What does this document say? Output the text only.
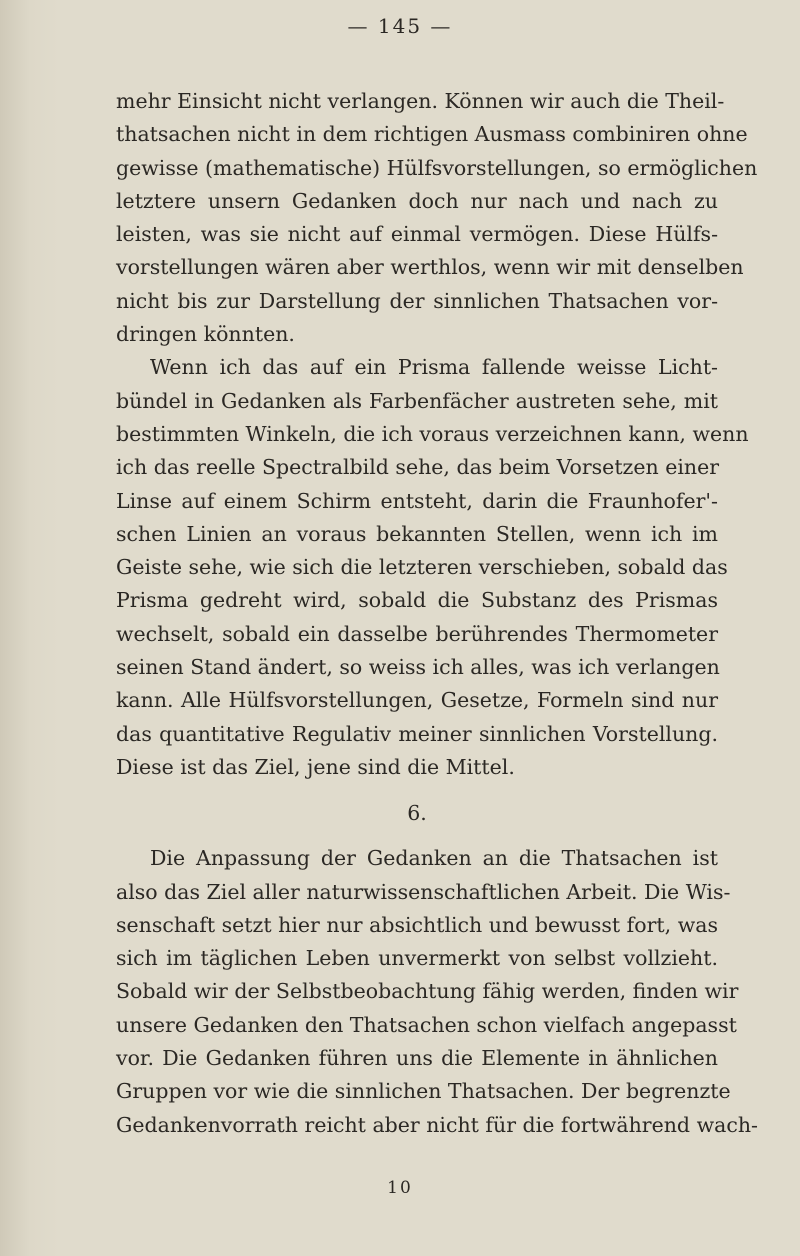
— 145 —
mehr Einsicht nicht verlangen. Können wir auch die Theil-
thatsachen nicht in dem richtigen Ausmass combiniren ohne
gewisse (mathematische) Hülfsvorstellungen, so ermöglichen
letztere unsern Gedanken doch nur nach und nach zu
leisten, was sie nicht auf einmal vermögen. Diese Hülfs-
vorstellungen wären aber werthlos, wenn wir mit denselben
nicht bis zur Darstellung der sinnlichen Thatsachen vor-
dringen könnten.
Wenn ich das auf ein Prisma fallende weisse Licht-
bündel in Gedanken als Farbenfächer austreten sehe, mit
bestimmten Winkeln, die ich voraus verzeichnen kann, wenn
ich das reelle Spectralbild sehe, das beim Vorsetzen einer
Linse auf einem Schirm entsteht, darin die Fraunhofer'-
schen Linien an voraus bekannten Stellen, wenn ich im
Geiste sehe, wie sich die letzteren verschieben, sobald das
Prisma gedreht wird, sobald die Substanz des Prismas
wechselt, sobald ein dasselbe berührendes Thermometer
seinen Stand ändert, so weiss ich alles, was ich verlangen
kann. Alle Hülfsvorstellungen, Gesetze, Formeln sind nur
das quantitative Regulativ meiner sinnlichen Vorstellung.
Diese ist das Ziel, jene sind die Mittel.
6.
Die Anpassung der Gedanken an die Thatsachen ist
also das Ziel aller naturwissenschaftlichen Arbeit. Die Wis-
senschaft setzt hier nur absichtlich und bewusst fort, was
sich im täglichen Leben unvermerkt von selbst vollzieht.
Sobald wir der Selbstbeobachtung fähig werden, finden wir
unsere Gedanken den Thatsachen schon vielfach angepasst
vor. Die Gedanken führen uns die Elemente in ähnlichen
Gruppen vor wie die sinnlichen Thatsachen. Der begrenzte
Gedankenvorrath reicht aber nicht für die fortwährend wach-
10
